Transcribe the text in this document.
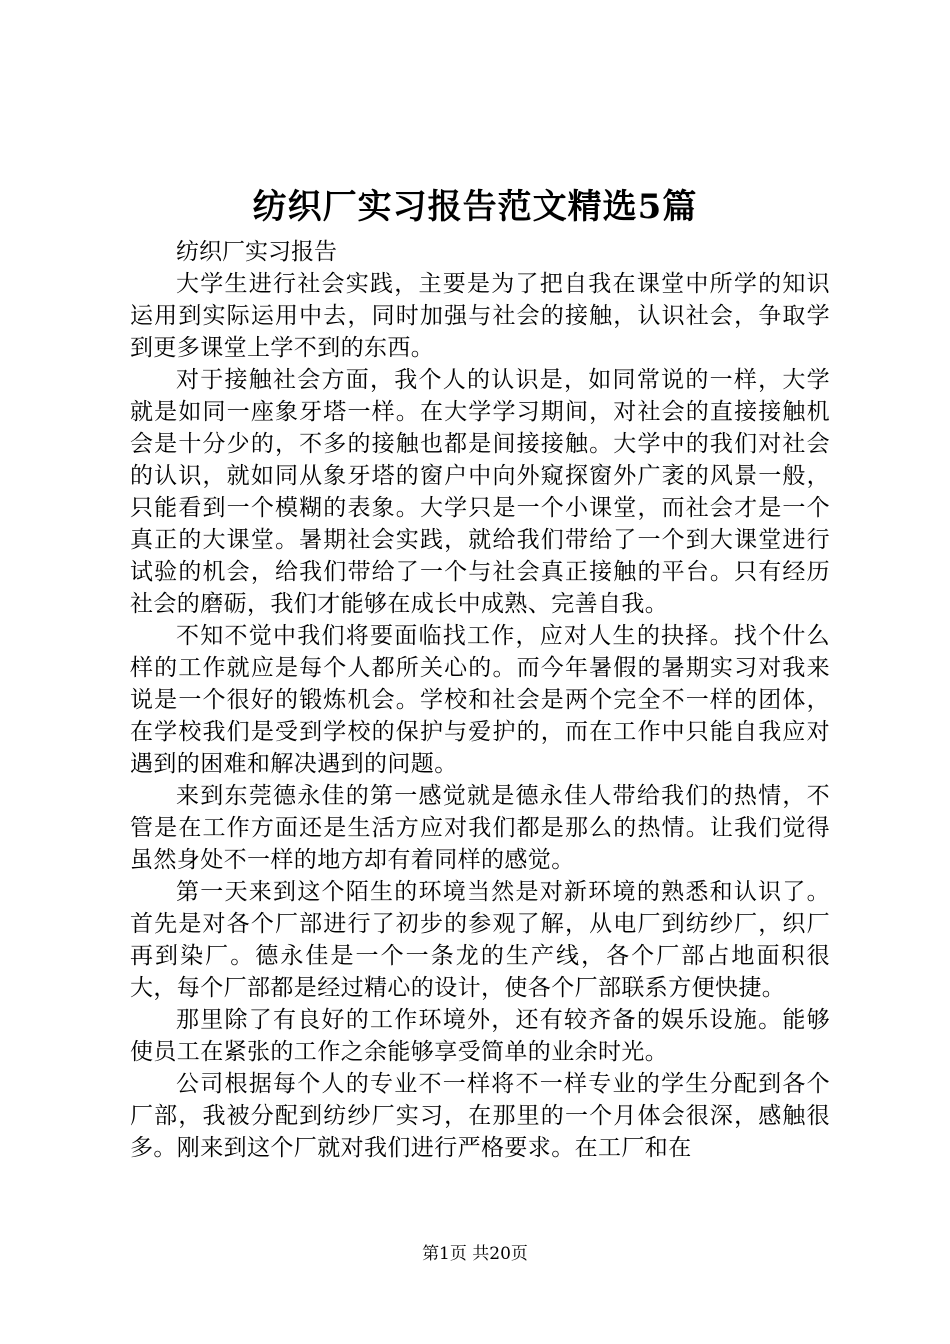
纺织厂实习报告范文精选5篇

纺织厂实习报告

大学生进行社会实践，主要是为了把自我在课堂中所学的知识运用到实际运用中去，同时加强与社会的接触，认识社会，争取学到更多课堂上学不到的东西。

对于接触社会方面，我个人的认识是，如同常说的一样，大学就是如同一座象牙塔一样。在大学学习期间，对社会的直接接触机会是十分少的，不多的接触也都是间接接触。大学中的我们对社会的认识，就如同从象牙塔的窗户中向外窥探窗外广袤的风景一般，只能看到一个模糊的表象。大学只是一个小课堂，而社会才是一个真正的大课堂。暑期社会实践，就给我们带给了一个到大课堂进行试验的机会，给我们带给了一个与社会真正接触的平台。只有经历社会的磨砺，我们才能够在成长中成熟、完善自我。

不知不觉中我们将要面临找工作，应对人生的抉择。找个什么样的工作就应是每个人都所关心的。而今年暑假的暑期实习对我来说是一个很好的锻炼机会。学校和社会是两个完全不一样的团体，在学校我们是受到学校的保护与爱护的，而在工作中只能自我应对遇到的困难和解决遇到的问题。

来到东莞德永佳的第一感觉就是德永佳人带给我们的热情，不管是在工作方面还是生活方应对我们都是那么的热情。让我们觉得虽然身处不一样的地方却有着同样的感觉。

第一天来到这个陌生的环境当然是对新环境的熟悉和认识了。首先是对各个厂部进行了初步的参观了解，从电厂到纺纱厂，织厂再到染厂。德永佳是一个一条龙的生产线，各个厂部占地面积很大，每个厂部都是经过精心的设计，使各个厂部联系方便快捷。

那里除了有良好的工作环境外，还有较齐备的娱乐设施。能够使员工在紧张的工作之余能够享受简单的业余时光。

公司根据每个人的专业不一样将不一样专业的学生分配到各个厂部，我被分配到纺纱厂实习，在那里的一个月体会很深，感触很多。刚来到这个厂就对我们进行严格要求。在工厂和在

第1页 共20页
